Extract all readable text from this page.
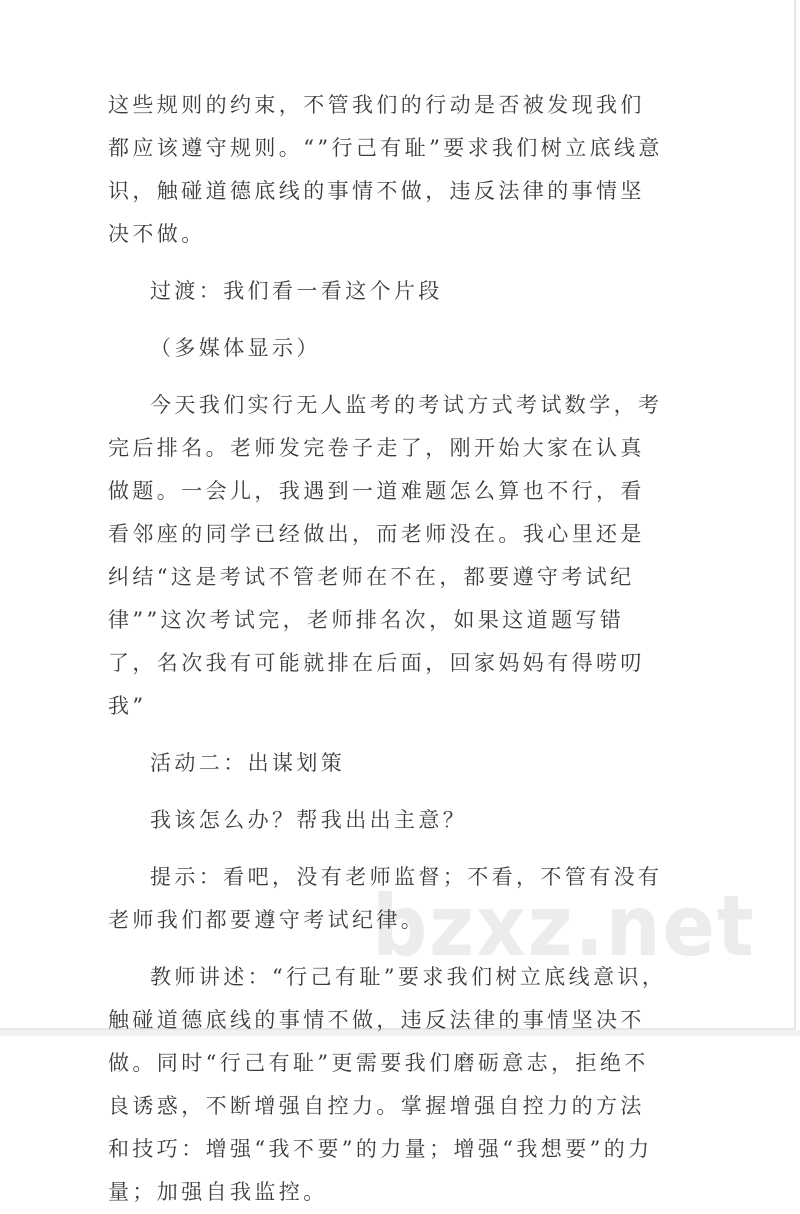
bzxz.net

这些规则的约束，不管我们的行动是否被发现我们都应该遵守规则。“”行己有耻”要求我们树立底线意识，触碰道德底线的事情不做，违反法律的事情坚决不做。

过渡：我们看一看这个片段

（多媒体显示）

今天我们实行无人监考的考试方式考试数学，考完后排名。老师发完卷子走了，刚开始大家在认真做题。一会儿，我遇到一道难题怎么算也不行，看看邻座的同学已经做出，而老师没在。我心里还是纠结“这是考试不管老师在不在，都要遵守考试纪律””这次考试完，老师排名次，如果这道题写错了，名次我有可能就排在后面，回家妈妈有得唠叨我”

活动二：出谋划策

我该怎么办？帮我出出主意？

提示：看吧，没有老师监督；不看，不管有没有老师我们都要遵守考试纪律。

教师讲述：“行己有耻”要求我们树立底线意识，触碰道德底线的事情不做，违反法律的事情坚决不做。同时“行己有耻”更需要我们磨砺意志，拒绝不良诱惑，不断增强自控力。掌握增强自控力的方法和技巧：增强“我不要”的力量；增强“我想要”的力量；加强自我监控。
